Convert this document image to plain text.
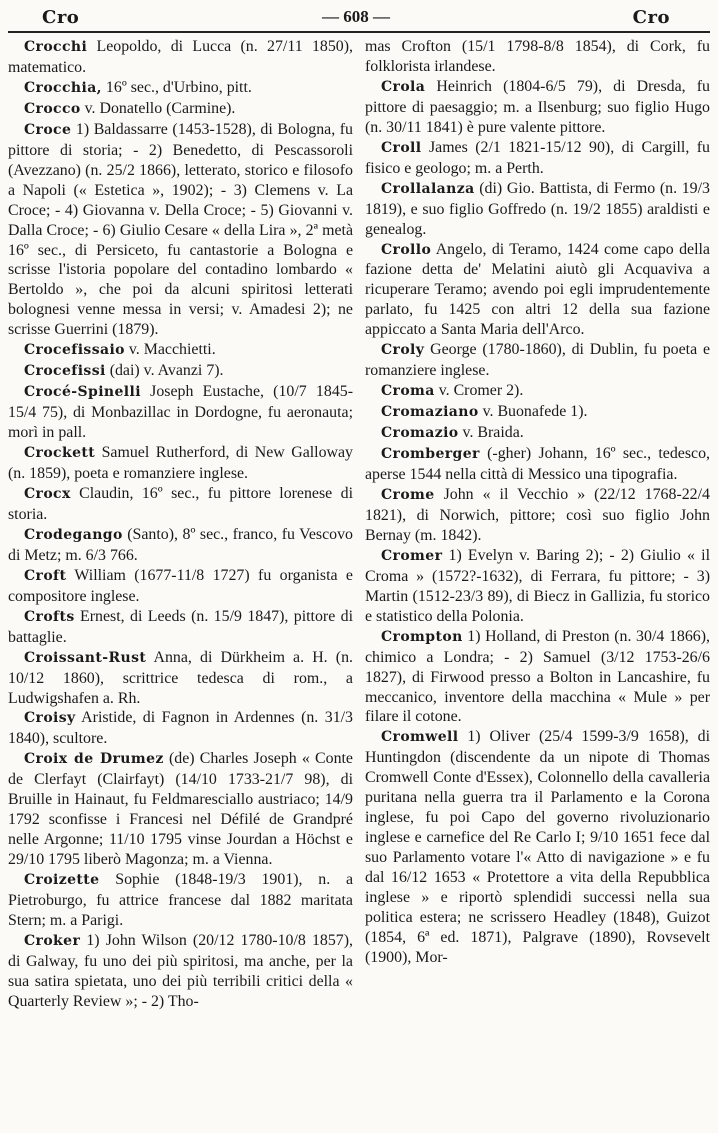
Cro	— 608 —	Cro

Crocchi Leopoldo, di Lucca (n. 27/11 1850), matematico.

Crocchia, 16º sec., d'Urbino, pitt.

Crocco v. Donatello (Carmine).

Croce 1) Baldassarre (1453-1528), di Bologna, fu pittore di storia; - 2) Benedetto, di Pescassoroli (Avezzano) (n. 25/2 1866), letterato, storico e filosofo a Napoli (« Estetica », 1902); - 3) Clemens v. La Croce; - 4) Giovanna v. Della Croce; - 5) Giovanni v. Dalla Croce; - 6) Giulio Cesare « della Lira », 2ª metà 16º sec., di Persiceto, fu cantastorie a Bologna e scrisse l'istoria popolare del contadino lombardo « Bertoldo », che poi da alcuni spiritosi letterati bolognesi venne messa in versi; v. Amadesi 2); ne scrisse Guerrini (1879).

Crocefissaio v. Macchietti.

Crocefissi (dai) v. Avanzi 7).

Crocé-Spinelli Joseph Eustache, (10/7 1845-15/4 75), di Monbazillac in Dordogne, fu aeronauta; morì in pall.

Crockett Samuel Rutherford, di New Galloway (n. 1859), poeta e romanziere inglese.

Crocx Claudin, 16º sec., fu pittore lorenese di storia.

Crodegango (Santo), 8º sec., franco, fu Vescovo di Metz; m. 6/3 766.

Croft William (1677-11/8 1727) fu organista e compositore inglese.

Crofts Ernest, di Leeds (n. 15/9 1847), pittore di battaglie.

Croissant-Rust Anna, di Dürkheim a. H. (n. 10/12 1860), scrittrice tedesca di rom., a Ludwigshafen a. Rh.

Croisy Aristide, di Fagnon in Ardennes (n. 31/3 1840), scultore.

Croix de Drumez (de) Charles Joseph « Conte de Clerfayt (Clairfayt) (14/10 1733-21/7 98), di Bruille in Hainaut, fu Feldmaresciallo austriaco; 14/9 1792 sconfisse i Francesi nel Défilé de Grandpré nelle Argonne; 11/10 1795 vinse Jourdan a Höchst e 29/10 1795 liberò Magonza; m. a Vienna.

Croizette Sophie (1848-19/3 1901), n. a Pietroburgo, fu attrice francese dal 1882 maritata Stern; m. a Parigi.

Croker 1) John Wilson (20/12 1780-10/8 1857), di Galway, fu uno dei più spiritosi, ma anche, per la sua satira spietata, uno dei più terribili critici della « Quarterly Review »; - 2) Tho-

mas Crofton (15/1 1798-8/8 1854), di Cork, fu folklorista irlandese.

Crola Heinrich (1804-6/5 79), di Dresda, fu pittore di paesaggio; m. a Ilsenburg; suo figlio Hugo (n. 30/11 1841) è pure valente pittore.

Croll James (2/1 1821-15/12 90), di Cargill, fu fisico e geologo; m. a Perth.

Crollalanza (di) Gio. Battista, di Fermo (n. 19/3 1819), e suo figlio Goffredo (n. 19/2 1855) araldisti e genealog.

Crollo Angelo, di Teramo, 1424 come capo della fazione detta de' Melatini aiutò gli Acquaviva a ricuperare Teramo; avendo poi egli imprudentemente parlato, fu 1425 con altri 12 della sua fazione appiccato a Santa Maria dell'Arco.

Croly George (1780-1860), di Dublin, fu poeta e romanziere inglese.

Croma v. Cromer 2).

Cromaziano v. Buonafede 1).

Cromazio v. Braida.

Cromberger (-gher) Johann, 16º sec., tedesco, aperse 1544 nella città di Messico una tipografia.

Crome John « il Vecchio » (22/12 1768-22/4 1821), di Norwich, pittore; così suo figlio John Bernay (m. 1842).

Cromer 1) Evelyn v. Baring 2); - 2) Giulio « il Croma » (1572?-1632), di Ferrara, fu pittore; - 3) Martin (1512-23/3 89), di Biecz in Gallizia, fu storico e statistico della Polonia.

Crompton 1) Holland, di Preston (n. 30/4 1866), chimico a Londra; - 2) Samuel (3/12 1753-26/6 1827), di Firwood presso a Bolton in Lancashire, fu meccanico, inventore della macchina « Mule » per filare il cotone.

Cromwell 1) Oliver (25/4 1599-3/9 1658), di Huntingdon (discendente da un nipote di Thomas Cromwell Conte d'Essex), Colonnello della cavalleria puritana nella guerra tra il Parlamento e la Corona inglese, fu poi Capo del governo rivoluzionario inglese e carnefice del Re Carlo I; 9/10 1651 fece dal suo Parlamento votare l'« Atto di navigazione » e fu dal 16/12 1653 « Protettore a vita della Repubblica inglese » e riportò splendidi successi nella sua politica estera; ne scrissero Headley (1848), Guizot (1854, 6ª ed. 1871), Palgrave (1890), Rovsevelt (1900), Mor-
